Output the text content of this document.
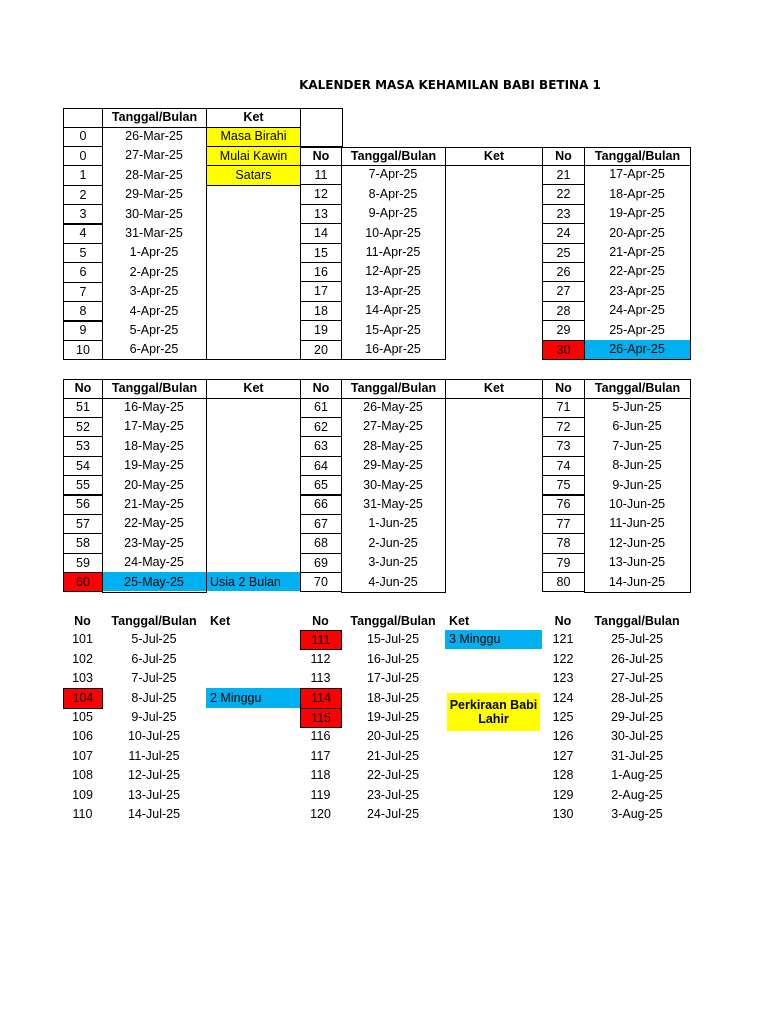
KALENDER MASA KEHAMILAN BABI BETINA 1
Tanggal/Bulan	Ket
0	26-Mar-25	Masa Birahi
0	27-Mar-25	Mulai Kawin
1	28-Mar-25	Satars
2	29-Mar-25
3	30-Mar-25
4	31-Mar-25
5	1-Apr-25
6	2-Apr-25
7	3-Apr-25
8	4-Apr-25
9	5-Apr-25
10	6-Apr-25
No	Tanggal/Bulan	Ket
11	7-Apr-25
12	8-Apr-25
13	9-Apr-25
14	10-Apr-25
15	11-Apr-25
16	12-Apr-25
17	13-Apr-25
18	14-Apr-25
19	15-Apr-25
20	16-Apr-25
No	Tanggal/Bulan
21	17-Apr-25
22	18-Apr-25
23	19-Apr-25
24	20-Apr-25
25	21-Apr-25
26	22-Apr-25
27	23-Apr-25
28	24-Apr-25
29	25-Apr-25
30	26-Apr-25
No	Tanggal/Bulan	Ket
51	16-May-25
52	17-May-25
53	18-May-25
54	19-May-25
55	20-May-25
56	21-May-25
57	22-May-25
58	23-May-25
59	24-May-25
60	25-May-25	Usia 2 Bulan
No	Tanggal/Bulan	Ket
61	26-May-25
62	27-May-25
63	28-May-25
64	29-May-25
65	30-May-25
66	31-May-25
67	1-Jun-25
68	2-Jun-25
69	3-Jun-25
70	4-Jun-25
No	Tanggal/Bulan
71	5-Jun-25
72	6-Jun-25
73	7-Jun-25
74	8-Jun-25
75	9-Jun-25
76	10-Jun-25
77	11-Jun-25
78	12-Jun-25
79	13-Jun-25
80	14-Jun-25
No	Tanggal/Bulan	Ket
101	5-Jul-25
102	6-Jul-25
103	7-Jul-25
104	8-Jul-25	2 Minggu
105	9-Jul-25
106	10-Jul-25
107	11-Jul-25
108	12-Jul-25
109	13-Jul-25
110	14-Jul-25
No	Tanggal/Bulan	Ket
111	15-Jul-25	3 Minggu
112	16-Jul-25
113	17-Jul-25
114	18-Jul-25
115	19-Jul-25
116	20-Jul-25
117	21-Jul-25
118	22-Jul-25
119	23-Jul-25
120	24-Jul-25
Perkiraan Babi Lahir
No	Tanggal/Bulan
121	25-Jul-25
122	26-Jul-25
123	27-Jul-25
124	28-Jul-25
125	29-Jul-25
126	30-Jul-25
127	31-Jul-25
128	1-Aug-25
129	2-Aug-25
130	3-Aug-25
